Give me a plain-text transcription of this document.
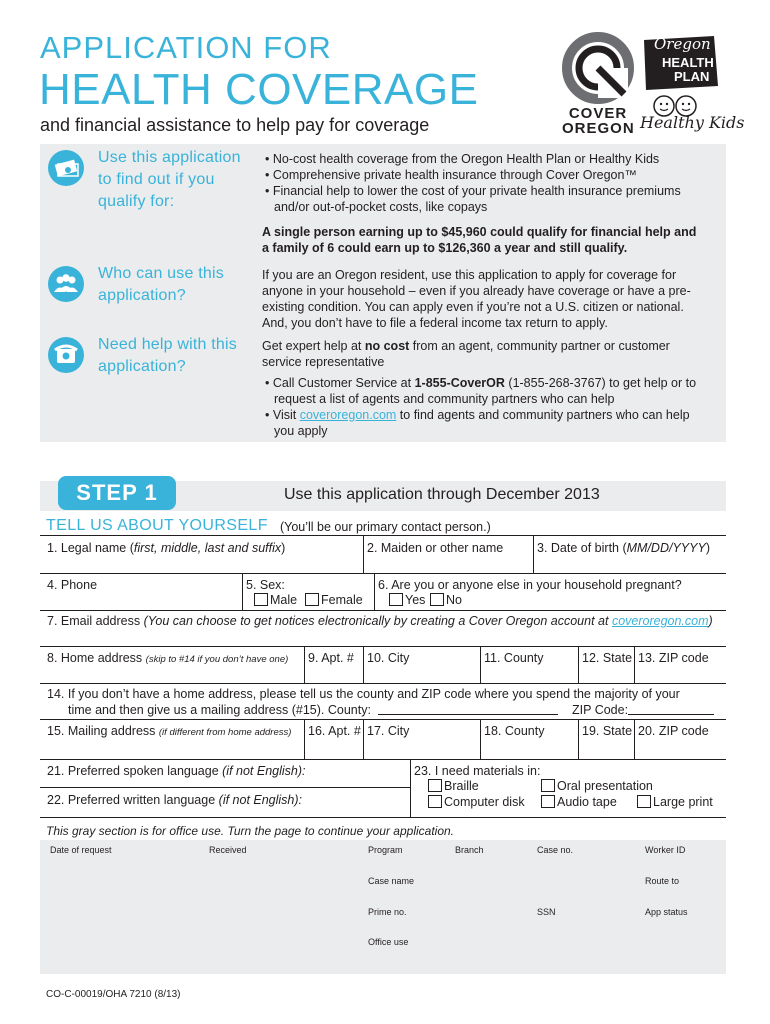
APPLICATION FOR
HEALTH COVERAGE
and financial assistance to help pay for coverage
COVER
OREGON
Oregon
HEALTH
PLAN
Healthy Kids
Use this application
to find out if you
qualify for:
• No-cost health coverage from the Oregon Health Plan or Healthy Kids
• Comprehensive private health insurance through Cover Oregon™
• Financial help to lower the cost of your private health insurance premiums
and/or out-of-pocket costs, like copays
A single person earning up to $45,960 could qualify for financial help and
a family of 6 could earn up to $126,360 a year and still qualify.
Who can use this
application?
If you are an Oregon resident, use this application to apply for coverage for
anyone in your household – even if you already have coverage or have a pre-
existing condition. You can apply even if you’re not a U.S. citizen or national.
And, you don’t have to file a federal income tax return to apply.
Need help with this
application?
Get expert help at no cost from an agent, community partner or customer
service representative
• Call Customer Service at 1-855-CoverOR (1-855-268-3767) to get help or to
request a list of agents and community partners who can help
• Visit coveroregon.com to find agents and community partners who can help
you apply
STEP 1	Use this application through December 2013
TELL US ABOUT YOURSELF (You’ll be our primary contact person.)
1. Legal name (first, middle, last and suffix)	2. Maiden or other name	3. Date of birth (MM/DD/YYYY)
4. Phone	5. Sex:
Male	Female
6. Are you or anyone else in your household pregnant?
Yes	No
7. Email address (You can choose to get notices electronically by creating a Cover Oregon account at coveroregon.com)
8. Home address (skip to #14 if you don’t have one) 9. Apt. # 10. City	11. County	12. State 13. ZIP code
14. If you don’t have a home address, please tell us the county and ZIP code where you spend the majority of your
time and then give us a mailing address (#15). County:	ZIP Code:
15. Mailing address (if different from home address) 16. Apt. # 17. City	18. County	19. State 20. ZIP code
21. Preferred spoken language (if not English):
22. Preferred written language (if not English):
23. I need materials in:
Braille	Oral presentation
Computer disk	Audio tape	Large print
This gray section is for office use. Turn the page to continue your application.
Date of request	Received	Program	Branch	Case no.	Worker ID
Case name	Route to
Prime no.	SSN	App status
Office use
CO-C-00019/OHA 7210 (8/13)
